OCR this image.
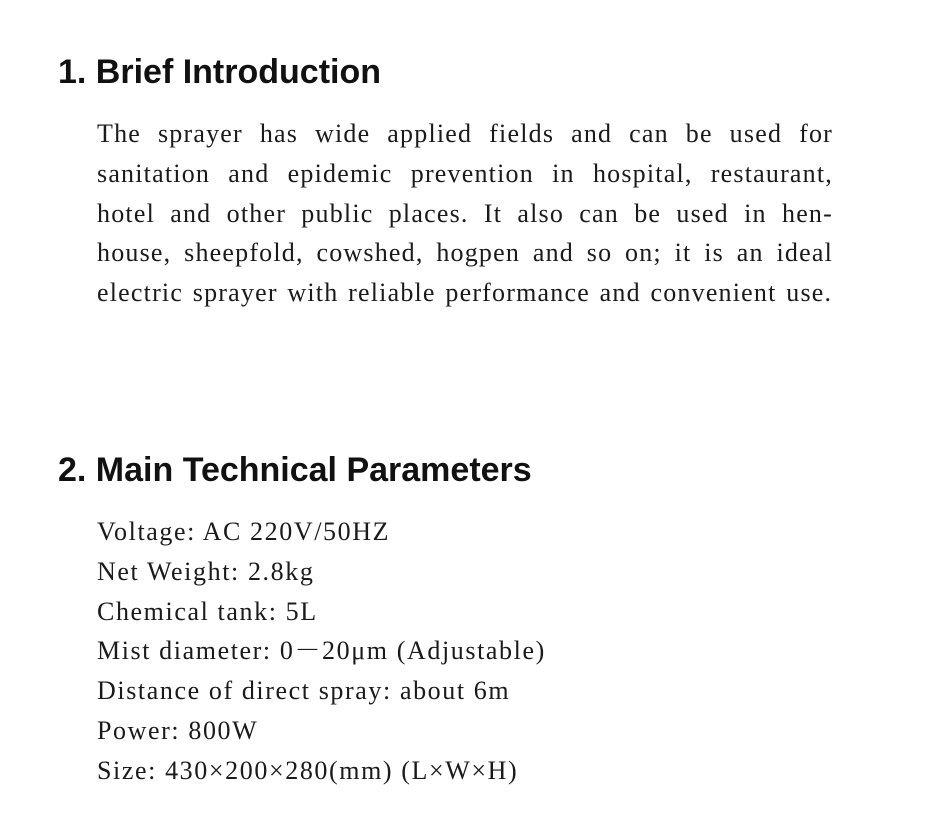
1. Brief Introduction

The sprayer has wide applied fields and can be used for sanitation and epidemic prevention in hospital, restaurant, hotel and other public places. It also can be used in hen-house, sheepfold, cowshed, hogpen and so on; it is an ideal electric sprayer with reliable performance and convenient use.

2. Main Technical Parameters
Voltage: AC 220V/50HZ
Net Weight: 2.8kg
Chemical tank: 5L
Mist diameter: 0－20μm (Adjustable)
Distance of direct spray: about 6m
Power: 800W
Size: 430×200×280(mm) (L×W×H)
